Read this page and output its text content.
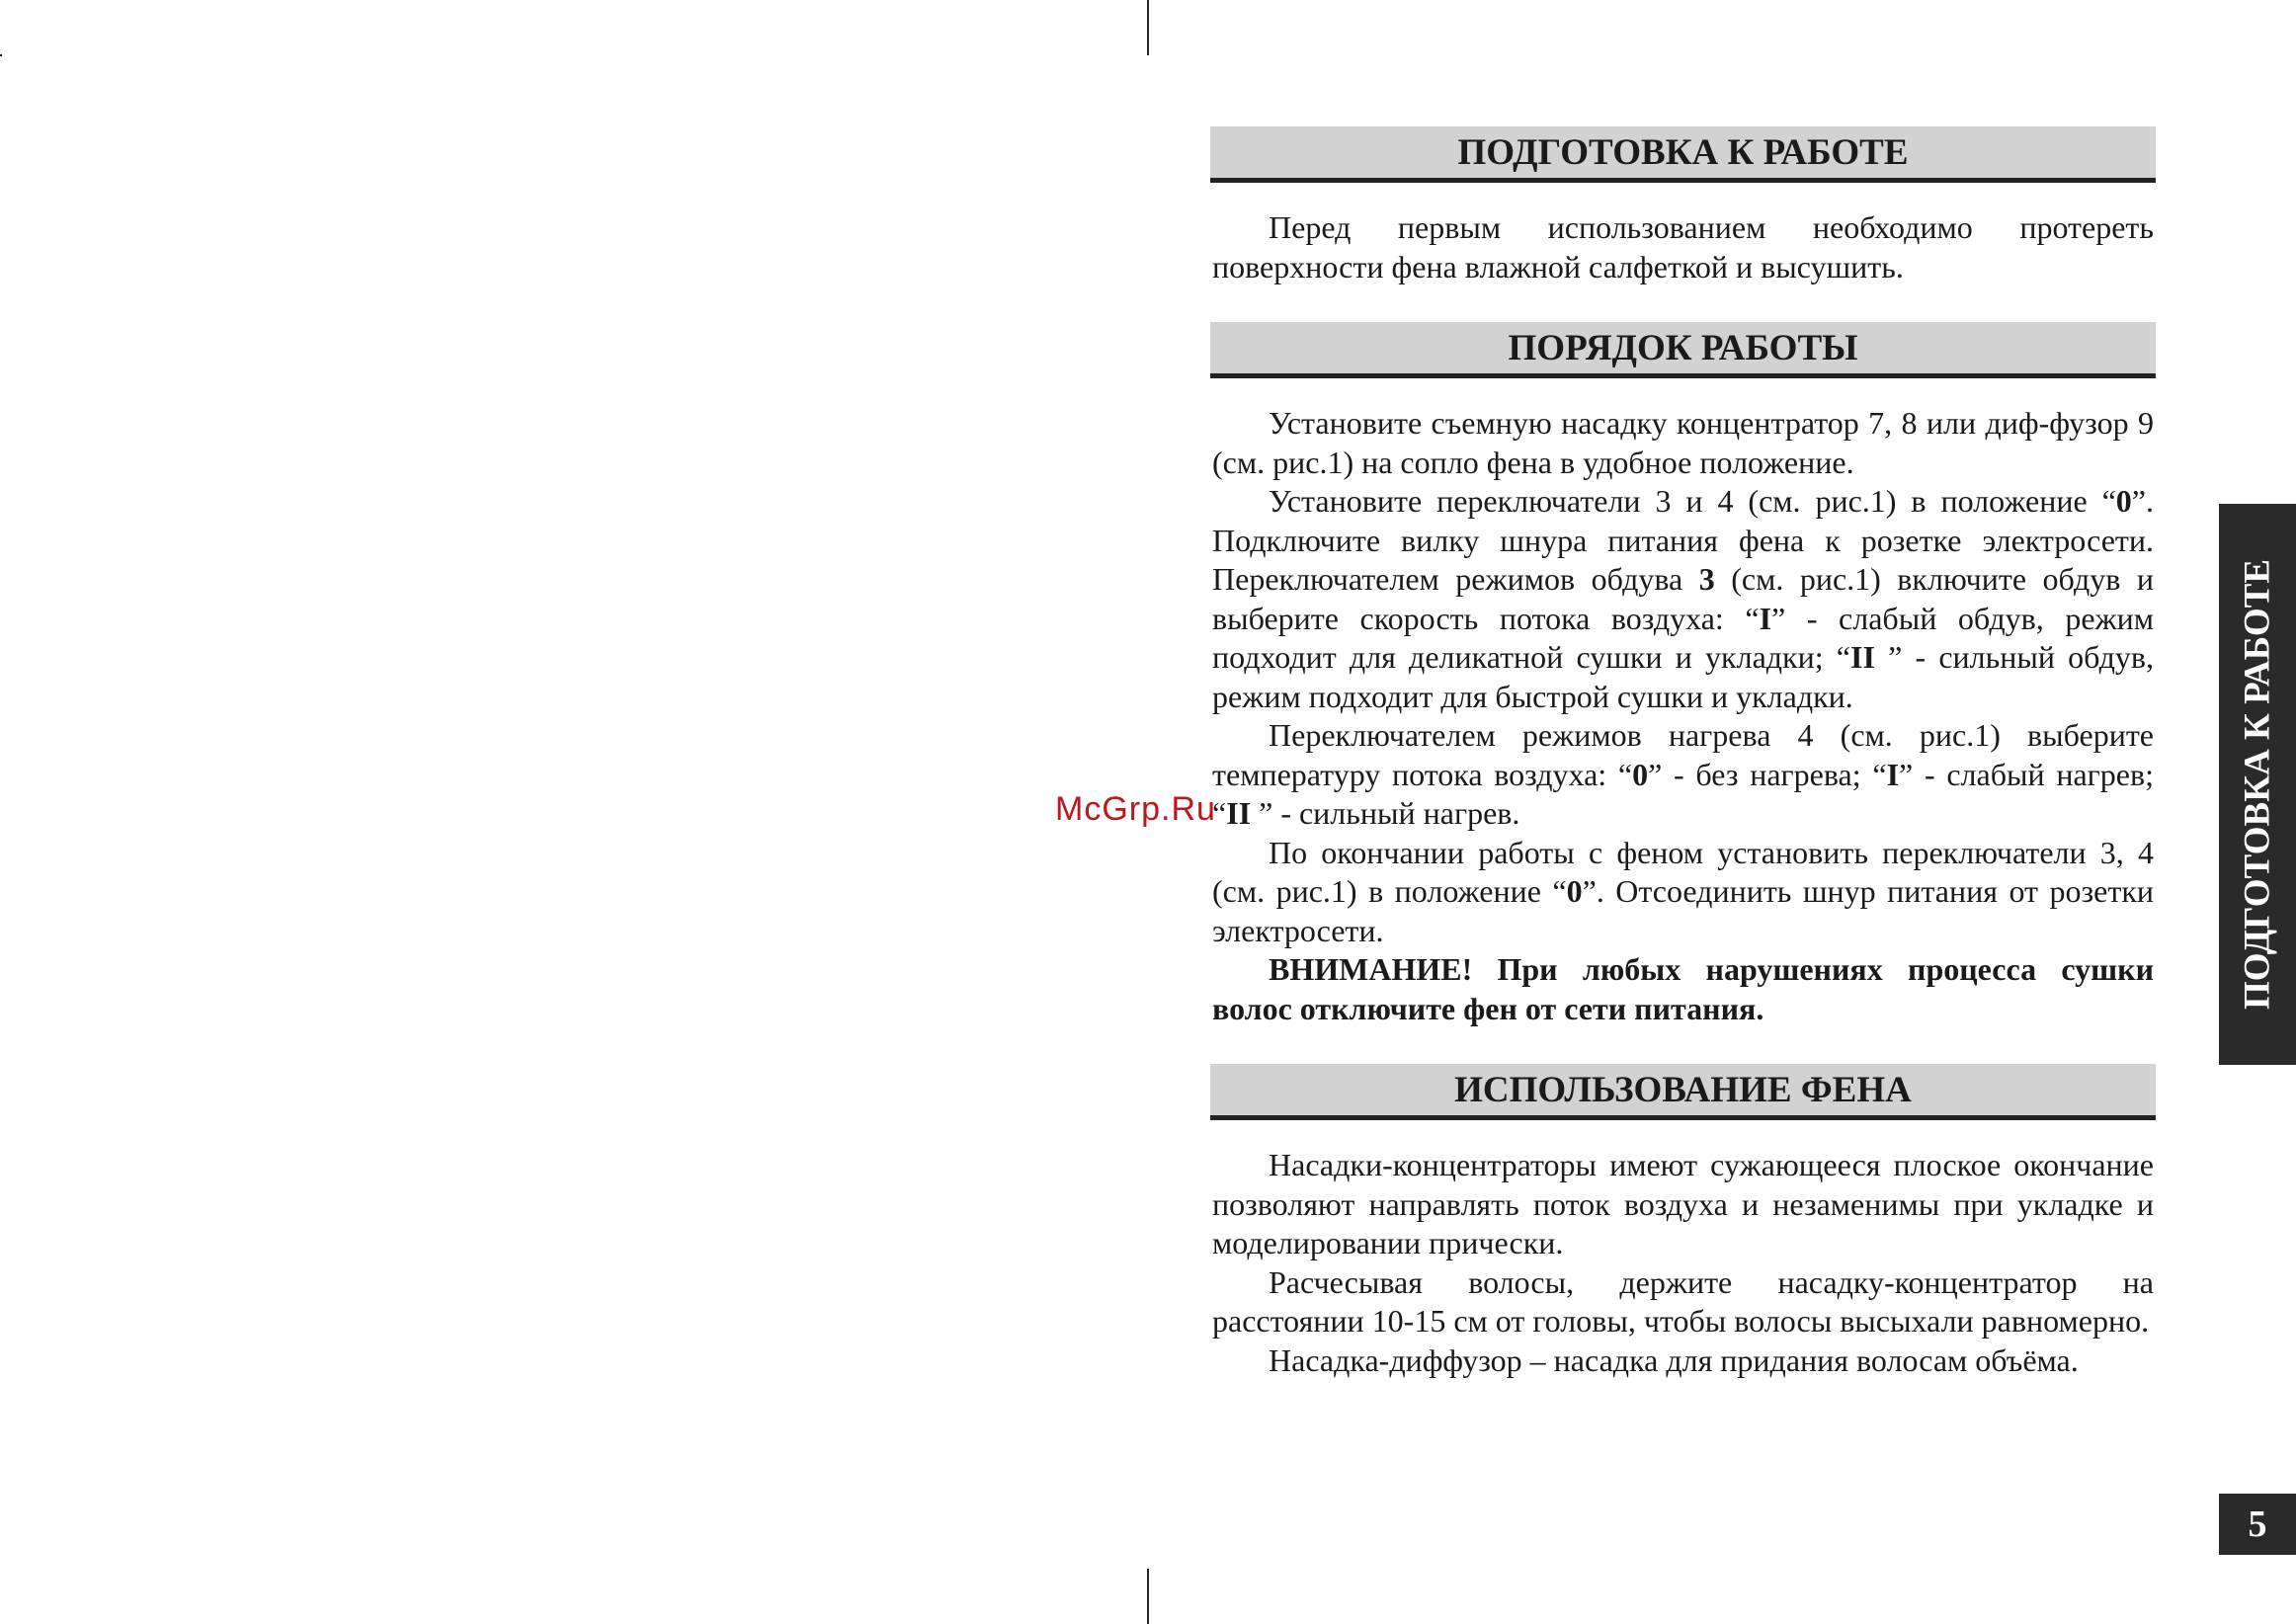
McGrp.Ru
ПОДГОТОВКА К РАБОТЕ

Перед первым использованием необходимо протереть поверхности фена влажной салфеткой и высушить.

ПОРЯДОК РАБОТЫ

Установите съемную насадку концентратор 7, 8 или диф-фузор 9 (см. рис.1) на сопло фена в удобное положение.

Установите переключатели 3 и 4 (см. рис.1) в положение “0”. Подключите вилку шнура питания фена к розетке электросети. Переключателем режимов обдува 3 (см. рис.1) включите обдув и выберите скорость потока воздуха: “I” - слабый обдув, режим подходит для деликатной сушки и укладки; “II ” - сильный обдув, режим подходит для быстрой сушки и укладки.

Переключателем режимов нагрева 4 (см. рис.1) выберите температуру потока воздуха: “0” - без нагрева; “I” - слабый нагрев; “II ” - сильный нагрев.

По окончании работы с феном установить переключатели 3, 4 (см. рис.1) в положение “0”. Отсоединить шнур питания от розетки электросети.

ВНИМАНИЕ! При любых нарушениях процесса сушки волос отключите фен от сети питания.

ИСПОЛЬЗОВАНИЕ ФЕНА

Насадки-концентраторы имеют сужающееся плоское окончание позволяют направлять поток воздуха и незаменимы при укладке и моделировании прически.

Расчесывая волосы, держите насадку-концентратор на расстоянии 10-15 см от головы, чтобы волосы высыхали равномерно.

Насадка-диффузор – насадка для придания волосам объёма.

ПОДГОТОВКА К РАБОТЕ
5
